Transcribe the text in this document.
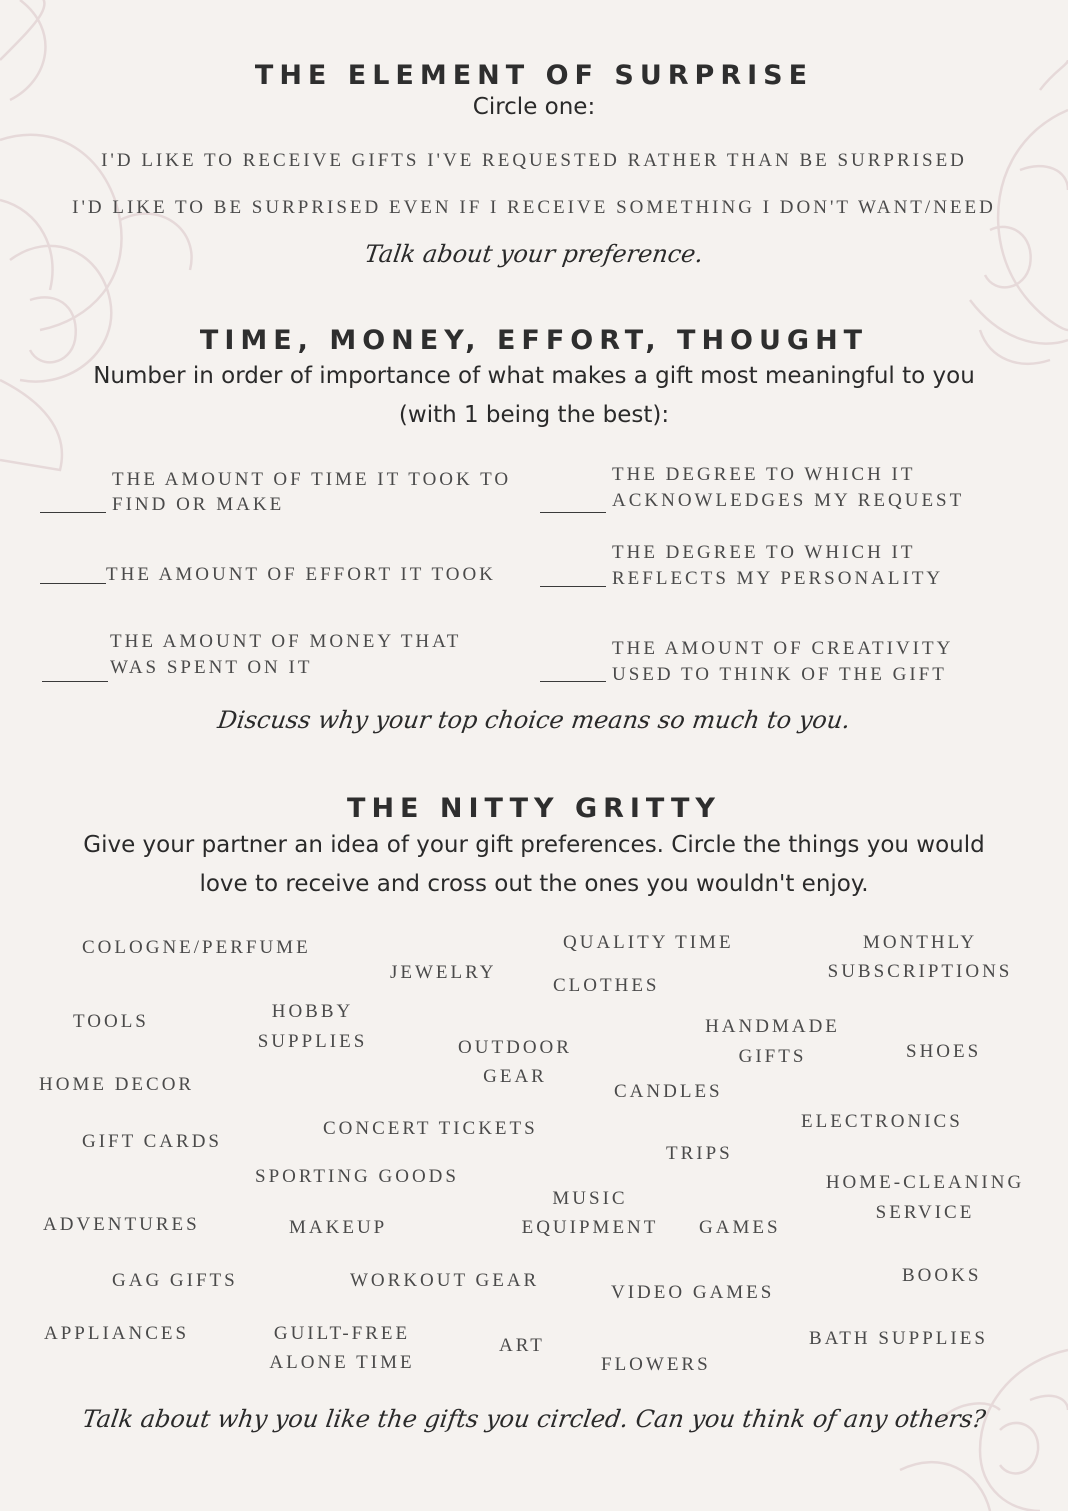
THE ELEMENT OF SURPRISE
Circle one:
I'D LIKE TO RECEIVE GIFTS I'VE REQUESTED RATHER THAN BE SURPRISED
I'D LIKE TO BE SURPRISED EVEN IF I RECEIVE SOMETHING I DON'T WANT/NEED
Talk about your preference.
TIME, MONEY, EFFORT, THOUGHT
Number in order of importance of what makes a gift most meaningful to you
(with 1 being the best):
THE AMOUNT OF TIME IT TOOK TO
FIND OR MAKE
THE DEGREE TO WHICH IT
ACKNOWLEDGES MY REQUEST
THE AMOUNT OF EFFORT IT TOOK
THE DEGREE TO WHICH IT
REFLECTS MY PERSONALITY
THE AMOUNT OF MONEY THAT
WAS SPENT ON IT
THE AMOUNT OF CREATIVITY
USED TO THINK OF THE GIFT
Discuss why your top choice means so much to you.
THE NITTY GRITTY
Give your partner an idea of your gift preferences. Circle the things you would
love to receive and cross out the ones you wouldn't enjoy.
COLOGNE/PERFUME
JEWELRY
QUALITY TIME
CLOTHES
MONTHLY
SUBSCRIPTIONS
TOOLS	HOBBY
SUPPLIES	OUTDOOR
GEAR
HANDMADE
GIFTS	SHOES
HOME DECOR	CANDLES
GIFT CARDS
CONCERT TICKETS	ELECTRONICS
TRIPS
SPORTING GOODS
MUSIC
EQUIPMENT
HOME-CLEANING
SERVICE
ADVENTURES	MAKEUP	GAMES
GAG GIFTS	WORKOUT GEAR
VIDEO GAMES
BOOKS
APPLIANCES	GUILT-FREE
ALONE TIME
ART
FLOWERS
BATH SUPPLIES
Talk about why you like the gifts you circled. Can you think of any others?
